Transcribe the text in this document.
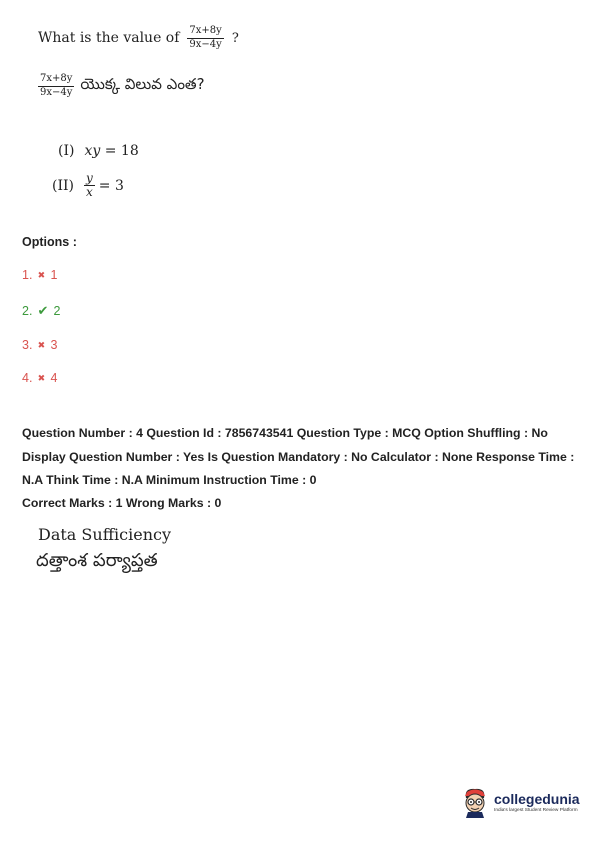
What is the value of $\frac{7x+8y}{9x-4y}$ ?
$\frac{7x+8y}{9x-4y}$ యొక్క విలువ ఎంత?
(I) xy = 18
$(II) \frac{y}{x} = 3$
Options :
1. ✖ 1
2. ✔ 2
3. ✖ 3
4. ✖ 4
Question Number : 4 Question Id : 7856743541 Question Type : MCQ Option Shuffling : No Display Question Number : Yes Is Question Mandatory : No Calculator : None Response Time : N.A Think Time : N.A Minimum Instruction Time : 0
Correct Marks : 1 Wrong Marks : 0
Data Sufficiency
దత్తాంశ పర్యాప్తత
collegedunia
India's largest Student Review Platform
